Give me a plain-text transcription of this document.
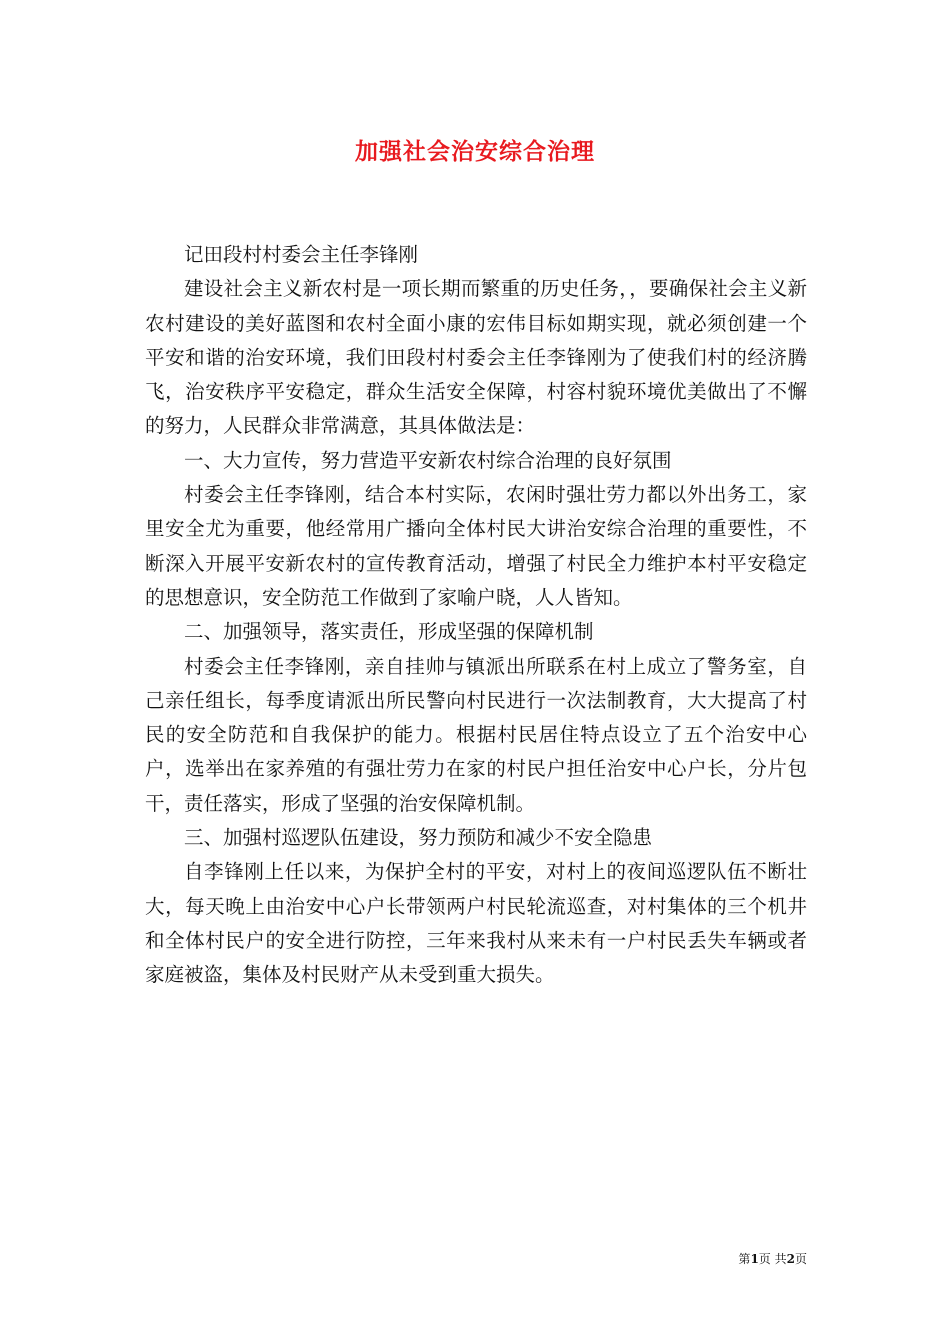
加强社会治安综合治理

记田段村村委会主任李锋刚

建设社会主义新农村是一项长期而繁重的历史任务，，要确保社会主义新农村建设的美好蓝图和农村全面小康的宏伟目标如期实现，就必须创建一个平安和谐的治安环境，我们田段村村委会主任李锋刚为了使我们村的经济腾飞，治安秩序平安稳定，群众生活安全保障，村容村貌环境优美做出了不懈的努力，人民群众非常满意，其具体做法是：

一、大力宣传，努力营造平安新农村综合治理的良好氛围

村委会主任李锋刚，结合本村实际，农闲时强壮劳力都以外出务工，家里安全尤为重要，他经常用广播向全体村民大讲治安综合治理的重要性，不断深入开展平安新农村的宣传教育活动，增强了村民全力维护本村平安稳定的思想意识，安全防范工作做到了家喻户晓，人人皆知。

二、加强领导，落实责任，形成坚强的保障机制

村委会主任李锋刚，亲自挂帅与镇派出所联系在村上成立了警务室，自己亲任组长，每季度请派出所民警向村民进行一次法制教育，大大提高了村民的安全防范和自我保护的能力。根据村民居住特点设立了五个治安中心户，选举出在家养殖的有强壮劳力在家的村民户担任治安中心户长，分片包干，责任落实，形成了坚强的治安保障机制。

三、加强村巡逻队伍建设，努力预防和减少不安全隐患

自李锋刚上任以来，为保护全村的平安，对村上的夜间巡逻队伍不断壮大，每天晚上由治安中心户长带领两户村民轮流巡查，对村集体的三个机井和全体村民户的安全进行防控，三年来我村从来未有一户村民丢失车辆或者家庭被盗，集体及村民财产从未受到重大损失。

第1页 共2页
